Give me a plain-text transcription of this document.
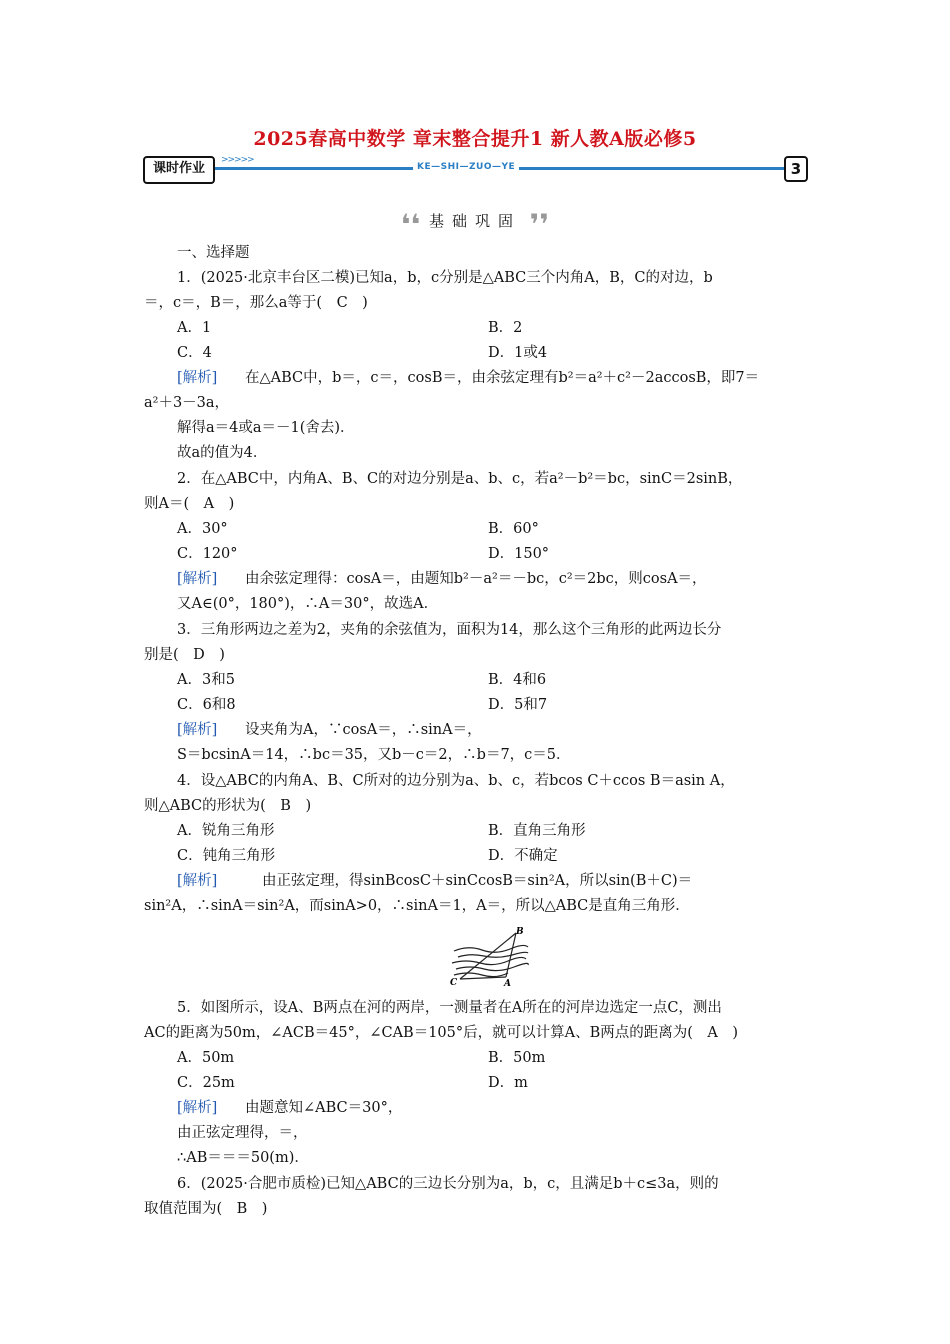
2025春高中数学 章末整合提升1 新人教A版必修5
课时作业
>>>>>
KE—SHI—ZUO—YE	3
❛❛ 基础巩固 ❜❜
一、选择题
1．(2025·北京丰台区二模)已知a，b，c分别是△ABC三个内角A，B，C的对边，b
＝，c＝，B＝，那么a等于(　C　)
A．1	B．2
C．4	D．1或4
[解析] 在△ABC中，b＝，c＝，cosB＝，由余弦定理有b²＝a²＋c²－2accosB，即7＝
a²＋3－3a，
解得a＝4或a＝－1(舍去)．
故a的值为4．
2．在△ABC中，内角A、B、C的对边分别是a、b、c，若a²－b²＝bc，sinC＝2sinB，
则A＝(　A　)
A．30°	B．60°
C．120°	D．150°
[解析] 由余弦定理得：cosA＝，由题知b²－a²＝－bc，c²＝2bc，则cosA＝，
又A∈(0°，180°)，∴A＝30°，故选A．
3．三角形两边之差为2，夹角的余弦值为，面积为14，那么这个三角形的此两边长分
别是(　D　)
A．3和5	B．4和6
C．6和8	D．5和7
[解析] 设夹角为A，∵cosA＝，∴sinA＝，
S＝bcsinA＝14，∴bc＝35，又b－c＝2，∴b＝7，c＝5．
4．设△ABC的内角A、B、C所对的边分别为a、b、c，若bcos C＋ccos B＝asin A，
则△ABC的形状为(　B　)
A．锐角三角形	B．直角三角形
C．钝角三角形	D．不确定
[解析]	由正弦定理，得sinBcosC＋sinCcosB＝sin²A，所以sin(B＋C)＝
sin²A，∴sinA＝sin²A，而sinA>0，∴sinA＝1，A＝，所以△ABC是直角三角形．
B
C	A
5．如图所示，设A、B两点在河的两岸，一测量者在A所在的河岸边选定一点C，测出
AC的距离为50m，∠ACB＝45°，∠CAB＝105°后，就可以计算A、B两点的距离为(　A　)
A．50m	B．50m
C．25m	D．m
[解析] 由题意知∠ABC＝30°，
由正弦定理得，＝，
∴AB＝＝＝50(m)．
6．(2025·合肥市质检)已知△ABC的三边长分别为a，b，c，且满足b＋c≤3a，则的
取值范围为(　B　)
